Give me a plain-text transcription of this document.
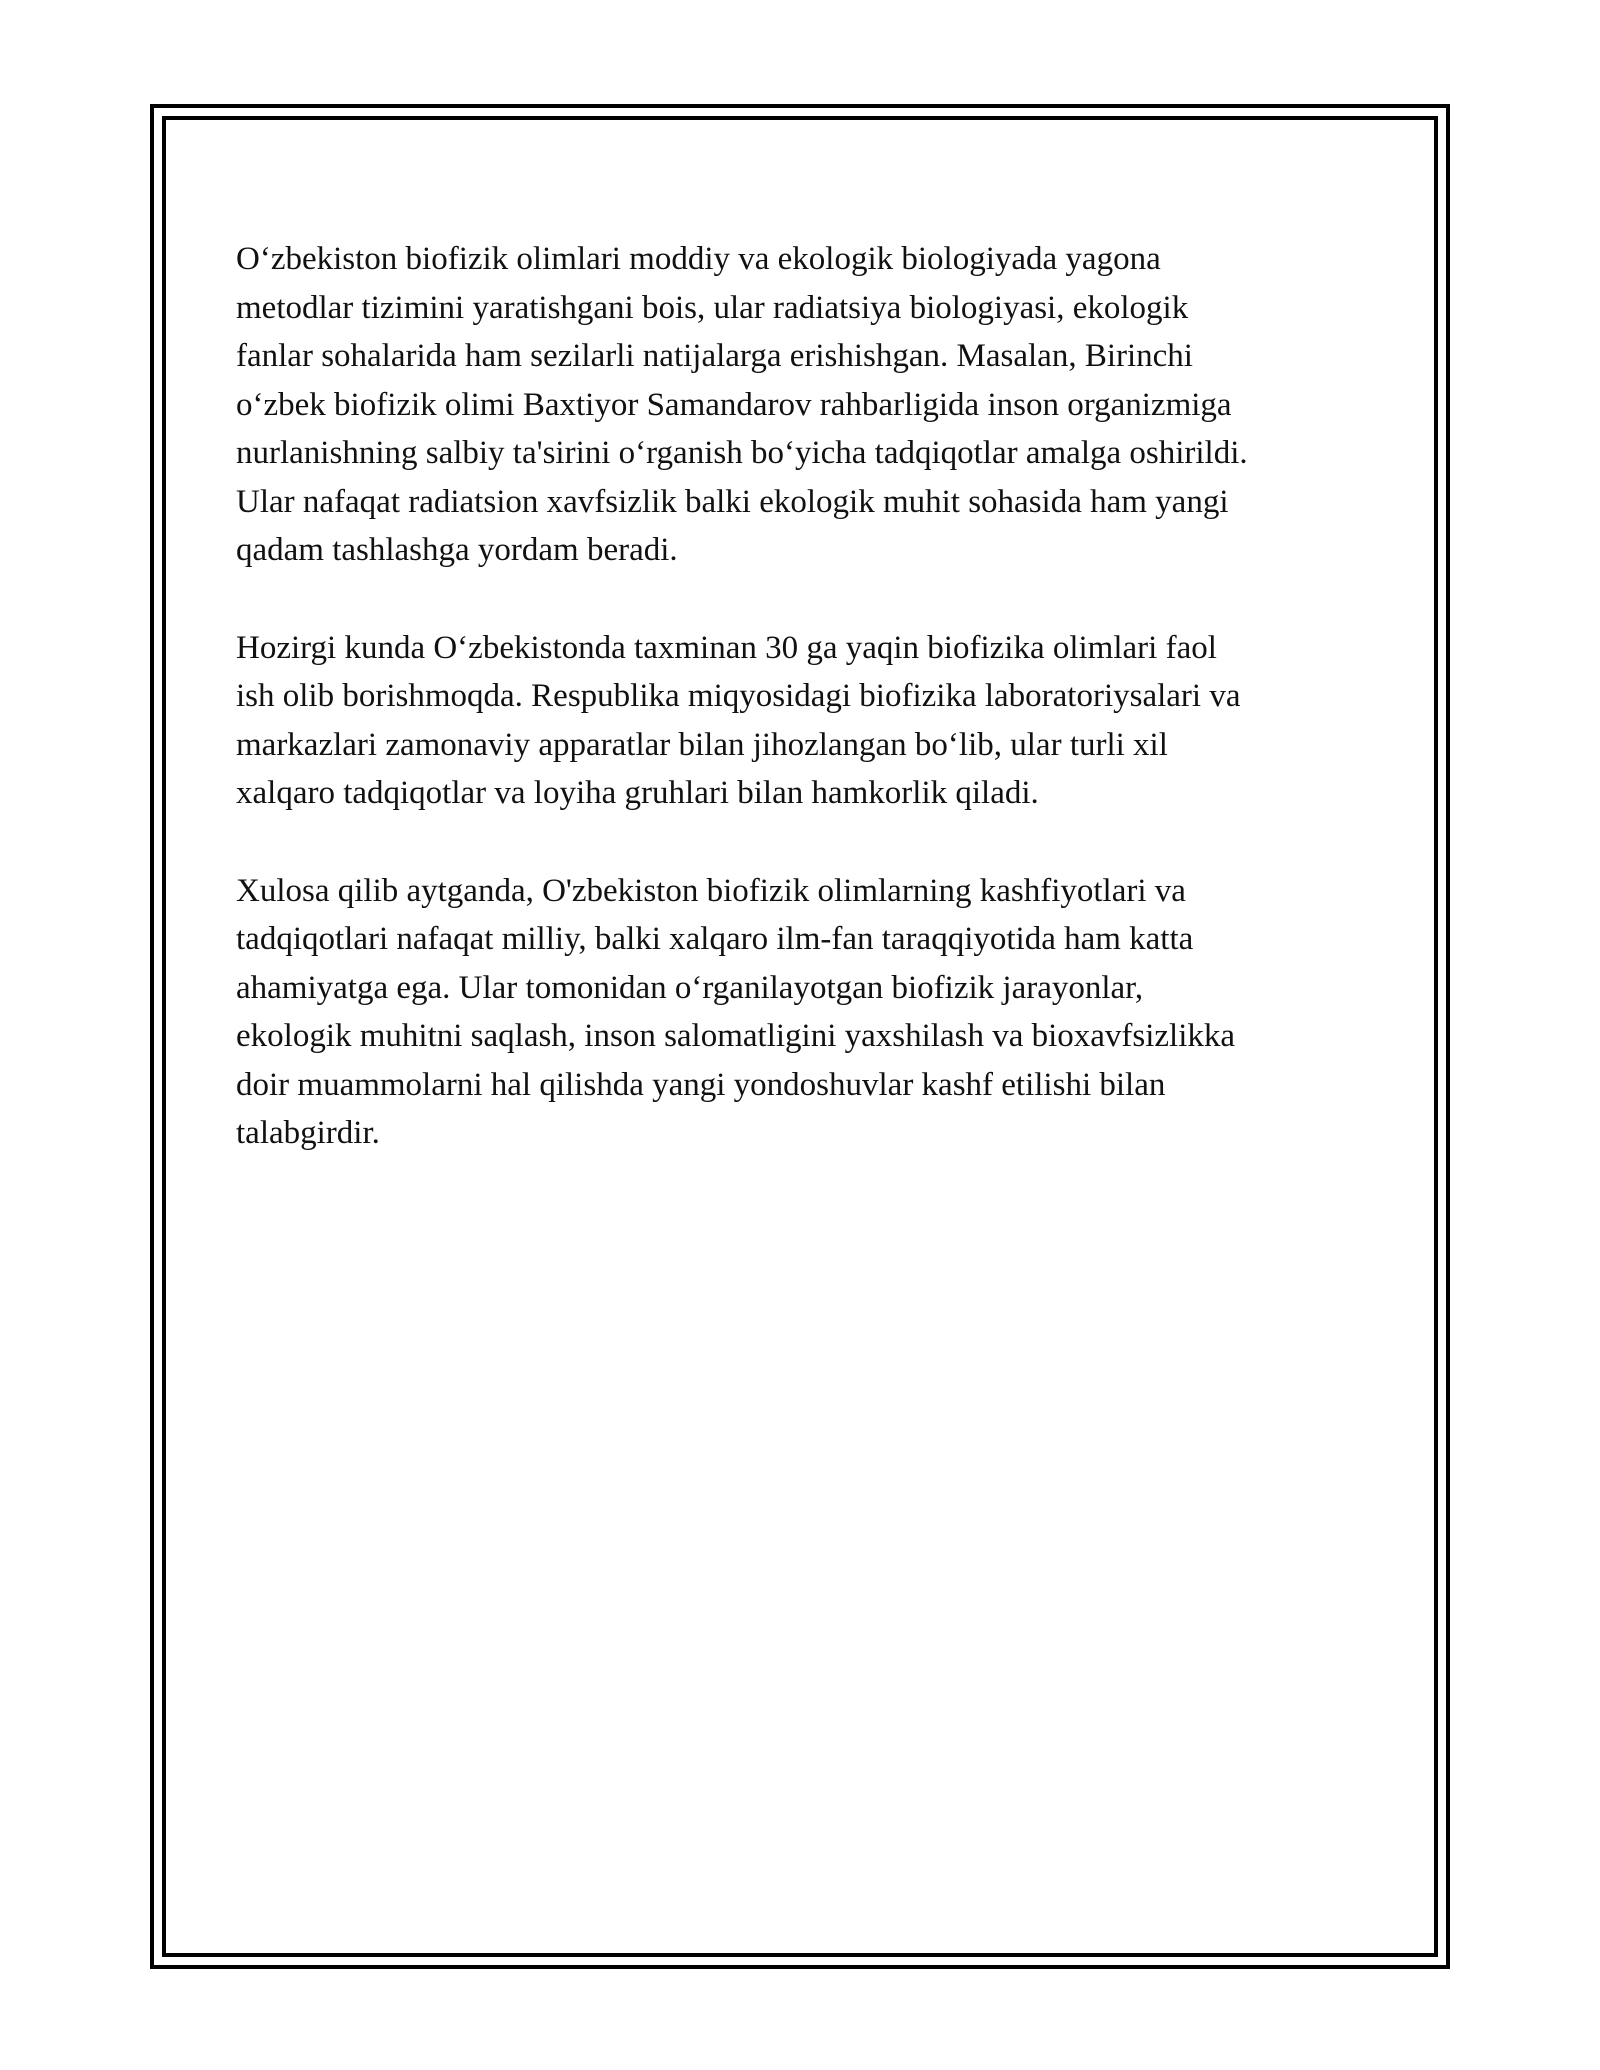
O‘zbekiston biofizik olimlari moddiy va ekologik biologiyada yagona
metodlar tizimini yaratishgani bois, ular radiatsiya biologiyasi, ekologik
fanlar sohalarida ham sezilarli natijalarga erishishgan. Masalan, Birinchi
o‘zbek biofizik olimi Baxtiyor Samandarov rahbarligida inson organizmiga
nurlanishning salbiy ta'sirini o‘rganish bo‘yicha tadqiqotlar amalga oshirildi.
Ular nafaqat radiatsion xavfsizlik balki ekologik muhit sohasida ham yangi
qadam tashlashga yordam beradi.

Hozirgi kunda O‘zbekistonda taxminan 30 ga yaqin biofizika olimlari faol
ish olib borishmoqda. Respublika miqyosidagi biofizika laboratoriysalari va
markazlari zamonaviy apparatlar bilan jihozlangan bo‘lib, ular turli xil
xalqaro tadqiqotlar va loyiha gruhlari bilan hamkorlik qiladi.

Xulosa qilib aytganda, O'zbekiston biofizik olimlarning kashfiyotlari va
tadqiqotlari nafaqat milliy, balki xalqaro ilm-fan taraqqiyotida ham katta
ahamiyatga ega. Ular tomonidan o‘rganilayotgan biofizik jarayonlar,
ekologik muhitni saqlash, inson salomatligini yaxshilash va bioxavfsizlikka
doir muammolarni hal qilishda yangi yondoshuvlar kashf etilishi bilan
talabgirdir.
